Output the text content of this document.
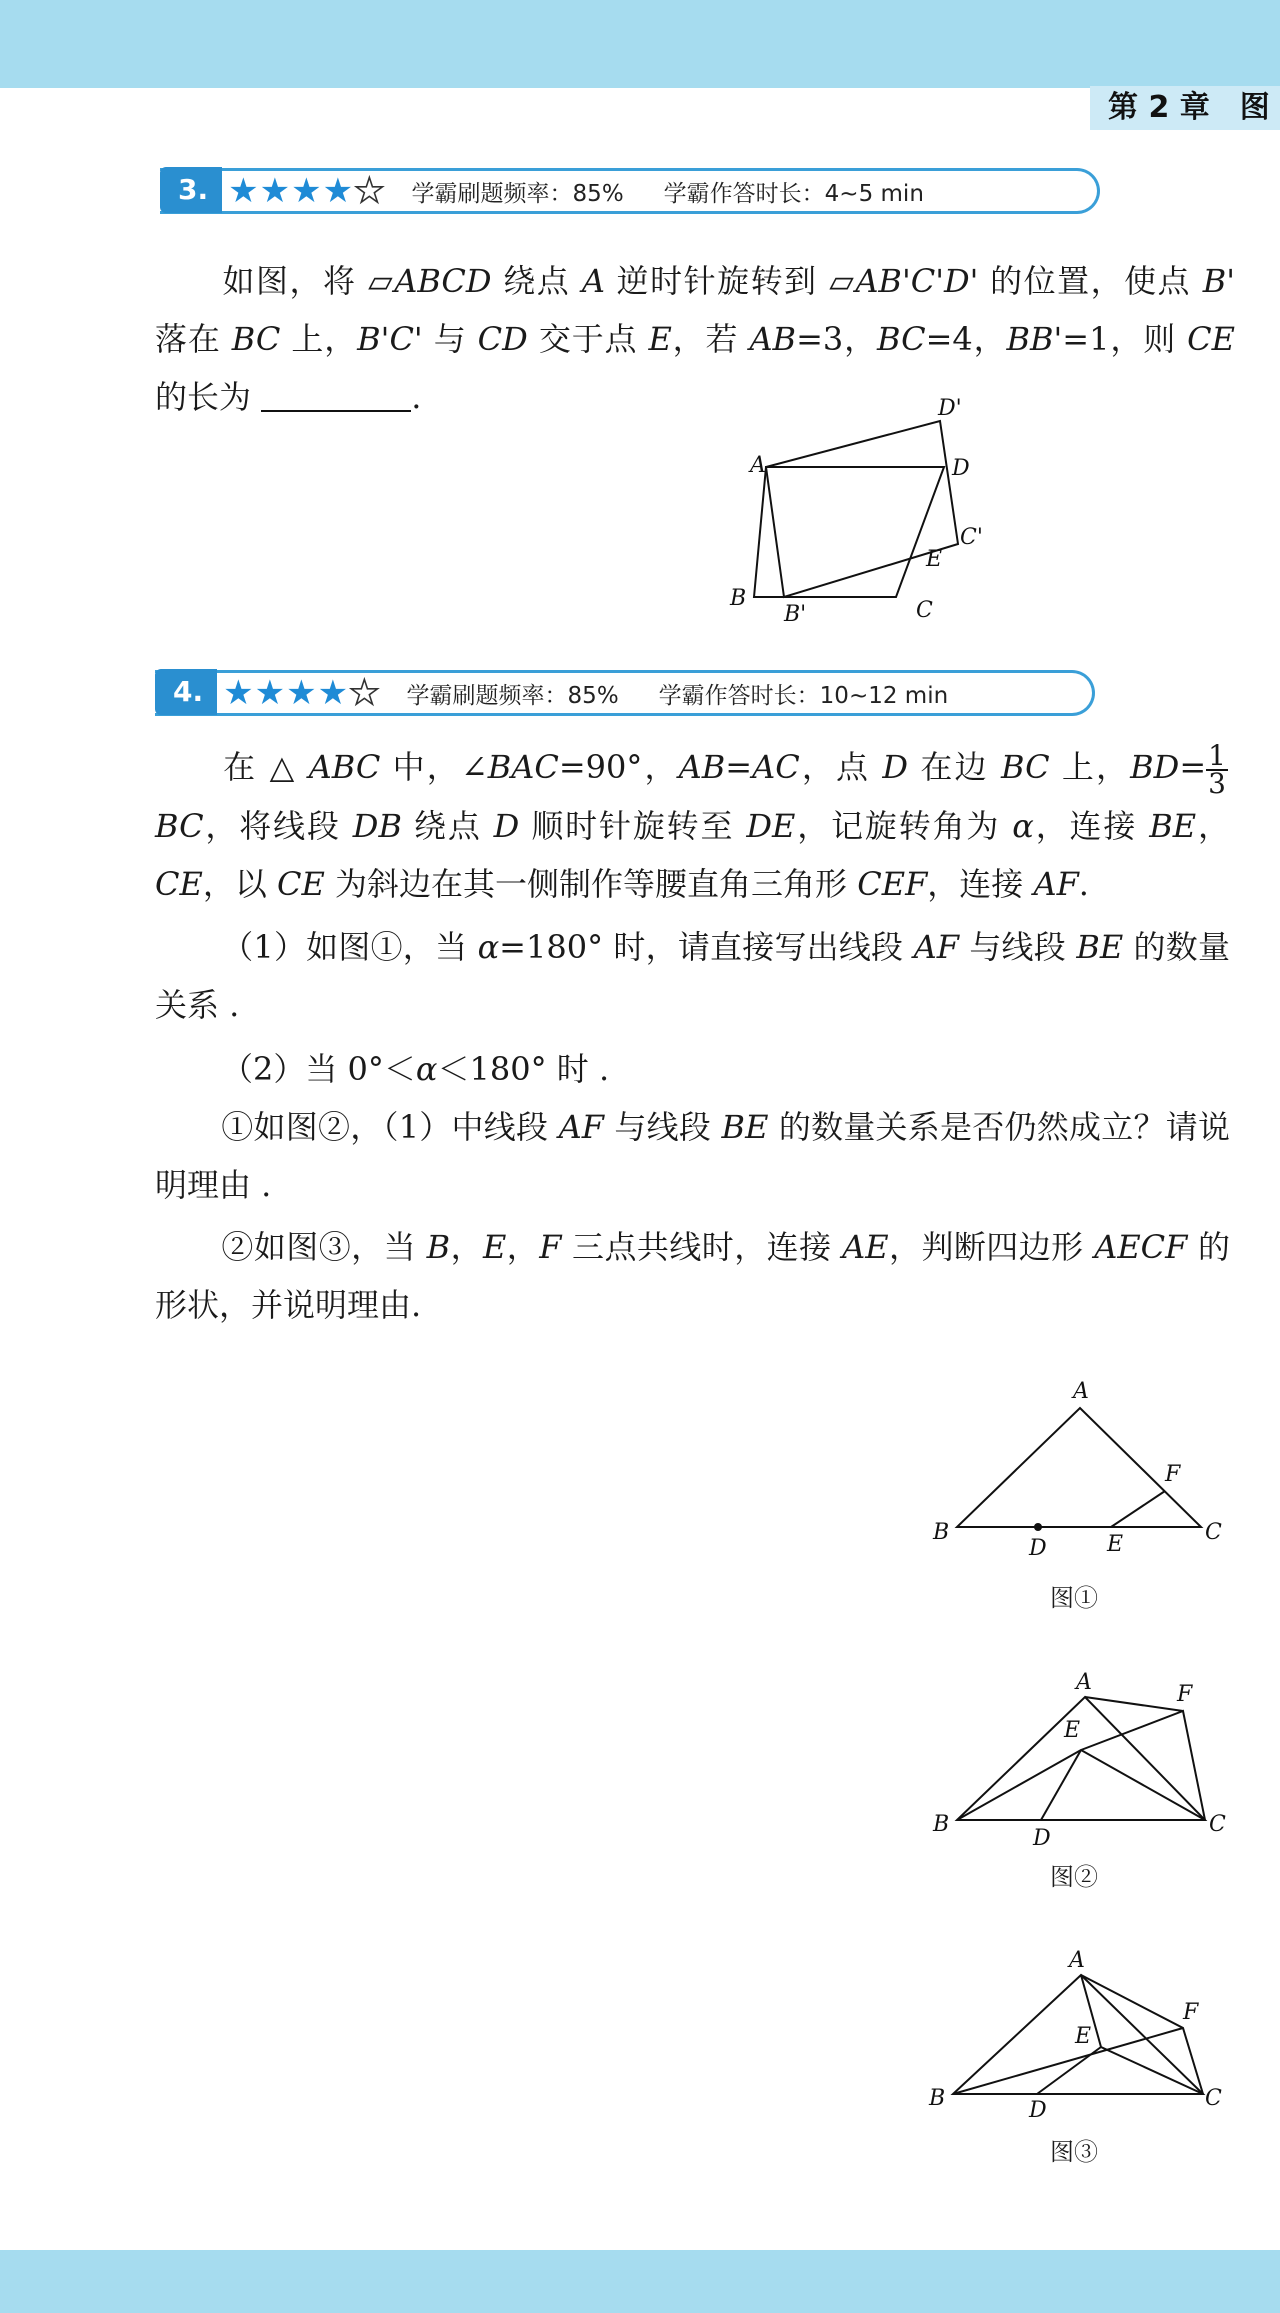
第 2 章　图
3. ★ ★ ★ ★ ★ 学霸刷题频率：85% 学霸作答时长：4~5 min
如图，将 ▱ABCD 绕点 A 逆时针旋转到 ▱AB'C'D' 的位置，使点 B' 落在 BC 上，B'C' 与 CD 交于点 E，若 AB=3，BC=4，BB'=1，则 CE 的长为	.
A
B
B'	C
D
D'
E
C'
4. ★ ★ ★ ★ ★ 学霸刷题频率：85% 学霸作答时长：10~12 min
在 △ ABC 中，∠BAC=90°，AB=AC，点 D 在边 BC 上，$BD= \frac{1}{3}$
BC，将线段 DB 绕点 D 顺时针旋转至 DE，记旋转角为 α，连接 BE，CE，以 CE 为斜边在其一侧制作等腰直角三角形 CEF，连接 AF.
（1）如图①，当 α=180° 时，请直接写出线段 AF 与线段 BE 的数量关系 .
（2）当 0°＜α＜180° 时 .
①如图②，（1）中线段 AF 与线段 BE 的数量关系是否仍然成立？请说明理由 .
②如图③，当 B，E，F 三点共线时，连接 AE，判断四边形 AECF 的形状，并说明理由.
A
B	C
D	E
F
图①
A
B	C
D
E
F
图②
A
B	C
D
E
F
图③
